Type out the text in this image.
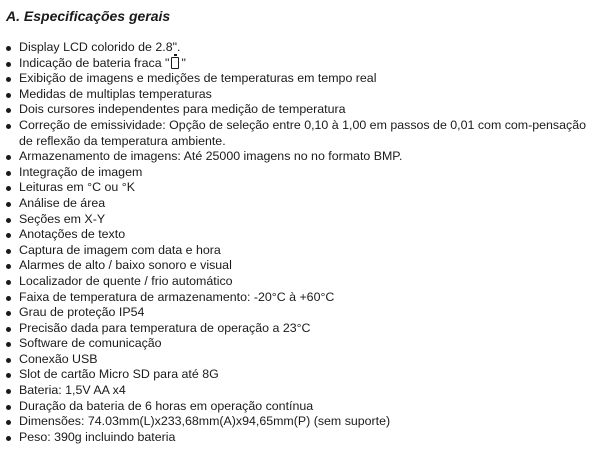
A. Especificações gerais
Display LCD colorido de 2.8".
Indicação de bateria fraca " "
Exibição de imagens e medições de temperaturas em tempo real
Medidas de multiplas temperaturas
Dois cursores independentes para medição de temperatura
Correção de emissividade: Opção de seleção entre 0,10 à 1,00 em passos de 0,01 com com-pensação de reflexão da temperatura ambiente.
Armazenamento de imagens: Até 25000 imagens no no formato BMP.
Integração de imagem
Leituras em °C ou °K
Análise de área
Seções em X-Y
Anotações de texto
Captura de imagem com data e hora
Alarmes de alto / baixo sonoro e visual
Localizador de quente / frio automático
Faixa de temperatura de armazenamento: -20°C à +60°C
Grau de proteção IP54
Precisão dada para temperatura de operação a 23°C
Software de comunicação
Conexão USB
Slot de cartão Micro SD para até 8G
Bateria: 1,5V AA x4
Duração da bateria de 6 horas em operação contínua
Dimensões: 74.03mm(L)x233,68mm(A)x94,65mm(P) (sem suporte)
Peso: 390g incluindo bateria
